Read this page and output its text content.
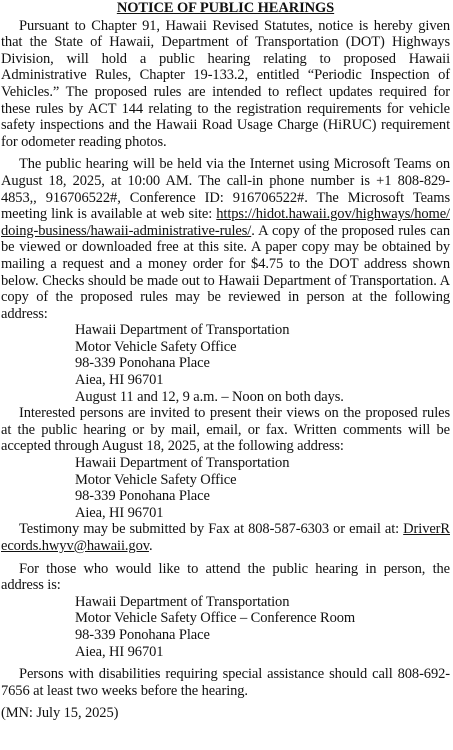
NOTICE OF PUBLIC HEARINGS

Pursuant to Chapter 91, Hawaii Revised Statutes, notice is hereby given that the State of Hawaii, Department of Transportation (DOT) Highways Division, will hold a public hearing relating to proposed Hawaii Administrative Rules, Chapter 19-133.2, entitled “Periodic Inspection of Vehicles.” The proposed rules are intended to reflect updates required for these rules by ACT 144 relating to the registration requirements for vehicle safety inspections and the Hawaii Road Usage Charge (HiRUC) requirement for odometer reading photos.

The public hearing will be held via the Internet using Microsoft Teams on August 18, 2025, at 10:00 AM. The call-in phone number is +1 808-829-4853,, 916706522#, Conference ID: 916706522#. The Microsoft Teams meeting link is available at web site: https://hidot.hawaii.gov/highways/home/doing-business/hawaii-administrative-rules/. A copy of the proposed rules can be viewed or downloaded free at this site. A paper copy may be obtained by mailing a request and a money order for $4.75 to the DOT address shown below. Checks should be made out to Hawaii Department of Transportation. A copy of the proposed rules may be reviewed in person at the following address:

Hawaii Department of Transportation
Motor Vehicle Safety Office
98-339 Ponohana Place
Aiea, HI 96701
August 11 and 12, 9 a.m. – Noon on both days.

Interested persons are invited to present their views on the proposed rules at the public hearing or by mail, email, or fax. Written comments will be accepted through August 18, 2025, at the following address:

Hawaii Department of Transportation
Motor Vehicle Safety Office
98-339 Ponohana Place
Aiea, HI 96701

Testimony may be submitted by Fax at 808-587-6303 or email at: DriverRecords.hwyv@hawaii.gov.

For those who would like to attend the public hearing in person, the address is:

Hawaii Department of Transportation
Motor Vehicle Safety Office – Conference Room
98-339 Ponohana Place
Aiea, HI 96701

Persons with disabilities requiring special assistance should call 808-692-7656 at least two weeks before the hearing.

(MN: July 15, 2025)
